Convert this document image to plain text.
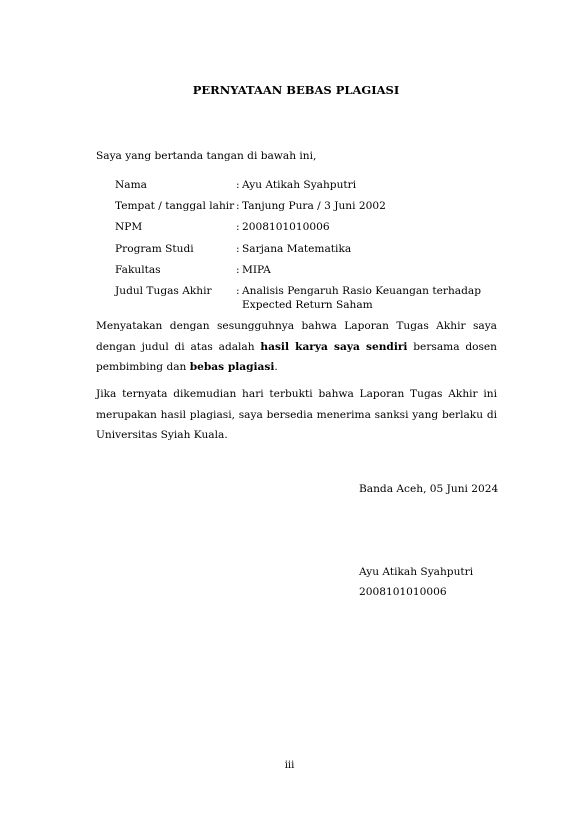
PERNYATAAN BEBAS PLAGIASI
Saya yang bertanda tangan di bawah ini,
Nama	: Ayu Atikah Syahputri
Tempat / tanggal lahir : Tanjung Pura / 3 Juni 2002
NPM	: 2008101010006
Program Studi	: Sarjana Matematika
Fakultas	: MIPA
Judul Tugas Akhir	: Analisis Pengaruh Rasio Keuangan terhadap Expected Return Saham
Menyatakan dengan sesungguhnya bahwa Laporan Tugas Akhir saya dengan judul di atas adalah hasil karya saya sendiri bersama dosen pembimbing dan bebas plagiasi.
Jika ternyata dikemudian hari terbukti bahwa Laporan Tugas Akhir ini merupakan hasil plagiasi, saya bersedia menerima sanksi yang berlaku di Universitas Syiah Kuala.
Banda Aceh, 05 Juni 2024
Ayu Atikah Syahputri
2008101010006
iii
